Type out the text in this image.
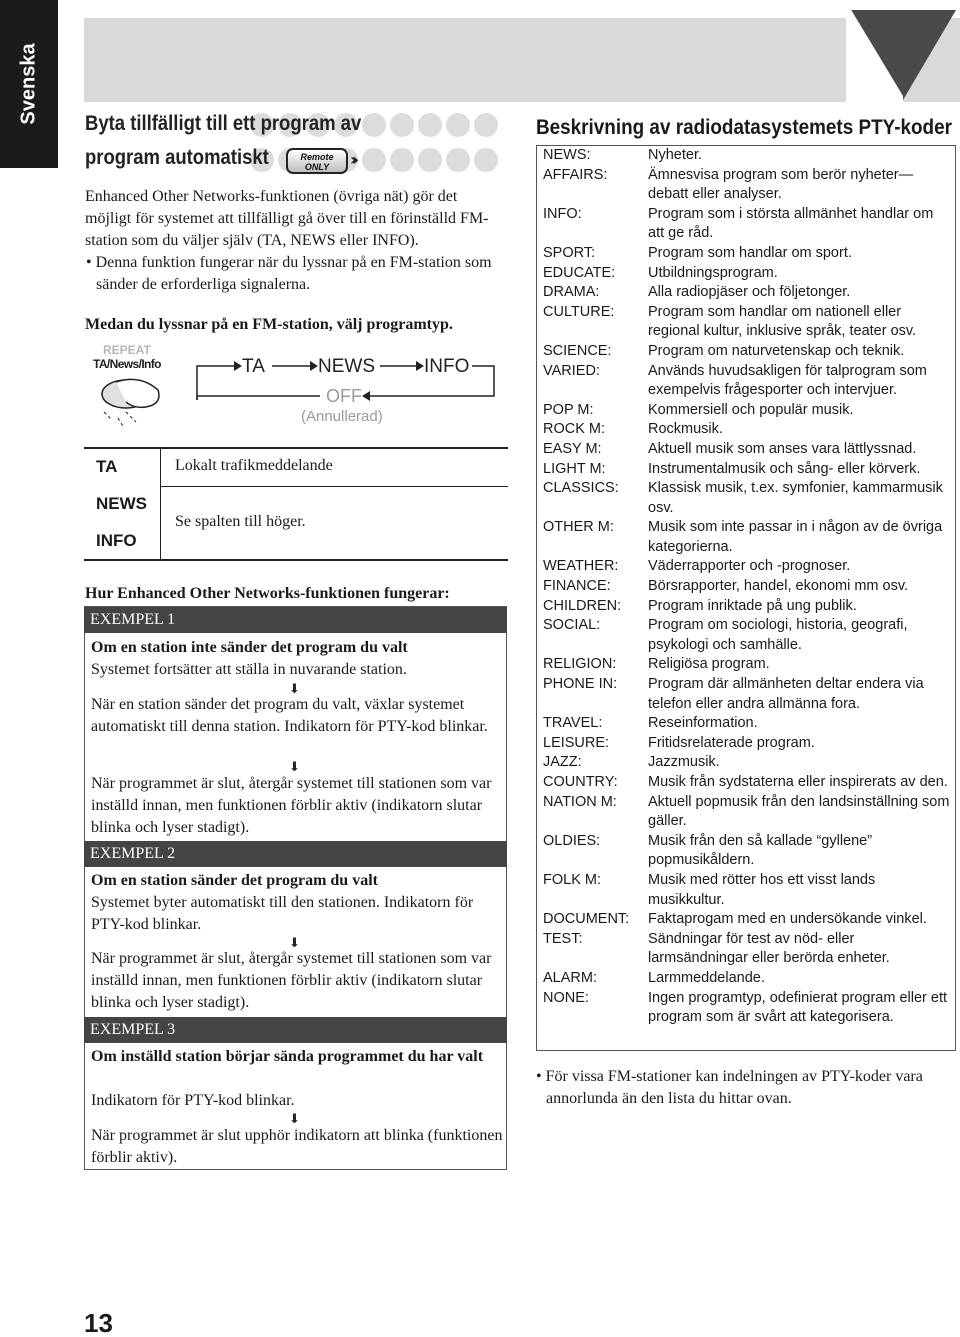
Svenska Byta tillfälligt till ett program av
program automatiskt	Remote
ONLY	›››
Enhanced Other Networks-funktionen (övriga nät) gör det möjligt för systemet att tillfälligt gå över till en förinställd FM-station som du väljer själv (TA, NEWS eller INFO).
• Denna funktion fungerar när du lyssnar på en FM-station som sänder de erforderliga signalerna.
Medan du lyssnar på en FM-station, välj programtyp.
REPEAT
TA/News/Info	TA	NEWS	INFO
OFF
(Annullerad)
TA	Lokalt trafikmeddelande
NEWS
INFO
Se spalten till höger.
Hur Enhanced Other Networks-funktionen fungerar:
EXEMPEL 1
Om en station inte sänder det program du valt
Systemet fortsätter att ställa in nuvarande station.
⬇
När en station sänder det program du valt, växlar systemet automatiskt till denna station. Indikatorn för PTY-kod blinkar.
⬇
När programmet är slut, återgår systemet till stationen som var inställd innan, men funktionen förblir aktiv (indikatorn slutar blinka och lyser stadigt).
EXEMPEL 2
Om en station sänder det program du valt
Systemet byter automatiskt till den stationen. Indikatorn för PTY-kod blinkar.
⬇
När programmet är slut, återgår systemet till stationen som var inställd innan, men funktionen förblir aktiv (indikatorn slutar blinka och lyser stadigt).
EXEMPEL 3
Om inställd station börjar sända programmet du har valt
Indikatorn för PTY-kod blinkar.
⬇
När programmet är slut upphör indikatorn att blinka (funktionen förblir aktiv).
Beskrivning av radiodatasystemets PTY-koder
NEWS:	Nyheter.
AFFAIRS:	Ämnesvisa program som berör nyheter— debatt eller analyser.
INFO:	Program som i största allmänhet handlar om att ge råd.
SPORT:	Program som handlar om sport.
EDUCATE:	Utbildningsprogram.
DRAMA:	Alla radiopjäser och följetonger.
CULTURE:	Program som handlar om nationell eller regional kultur, inklusive språk, teater osv.
SCIENCE:	Program om naturvetenskap och teknik.
VARIED:	Används huvudsakligen för talprogram som exempelvis frågesporter och intervjuer.
POP M:	Kommersiell och populär musik.
ROCK M:	Rockmusik.
EASY M:	Aktuell musik som anses vara lättlyssnad.
LIGHT M:	Instrumentalmusik och sång- eller körverk.
CLASSICS:	Klassisk musik, t.ex. symfonier, kammarmusik osv.
OTHER M:	Musik som inte passar in i någon av de övriga kategorierna.
WEATHER:	Väderrapporter och -prognoser.
FINANCE:	Börsrapporter, handel, ekonomi mm osv.
CHILDREN:	Program inriktade på ung publik.
SOCIAL:	Program om sociologi, historia, geografi, psykologi och samhälle.
RELIGION:	Religiösa program.
PHONE IN:	Program där allmänheten deltar endera via telefon eller andra allmänna fora.
TRAVEL:	Reseinformation.
LEISURE:	Fritidsrelaterade program.
JAZZ:	Jazzmusik.
COUNTRY:	Musik från sydstaterna eller inspirerats av den.
NATION M:	Aktuell popmusik från den landsinställning som gäller.
OLDIES:	Musik från den så kallade “gyllene” popmusikåldern.
FOLK M:	Musik med rötter hos ett visst lands musikkultur.
DOCUMENT:	Faktaprogam med en undersökande vinkel.
TEST:	Sändningar för test av nöd- eller larmsändningar eller berörda enheter.
ALARM:	Larmmeddelande.
NONE:	Ingen programtyp, odefinierat program eller ett program som är svårt att kategorisera.
• För vissa FM-stationer kan indelningen av PTY-koder vara annorlunda än den lista du hittar ovan.
13
